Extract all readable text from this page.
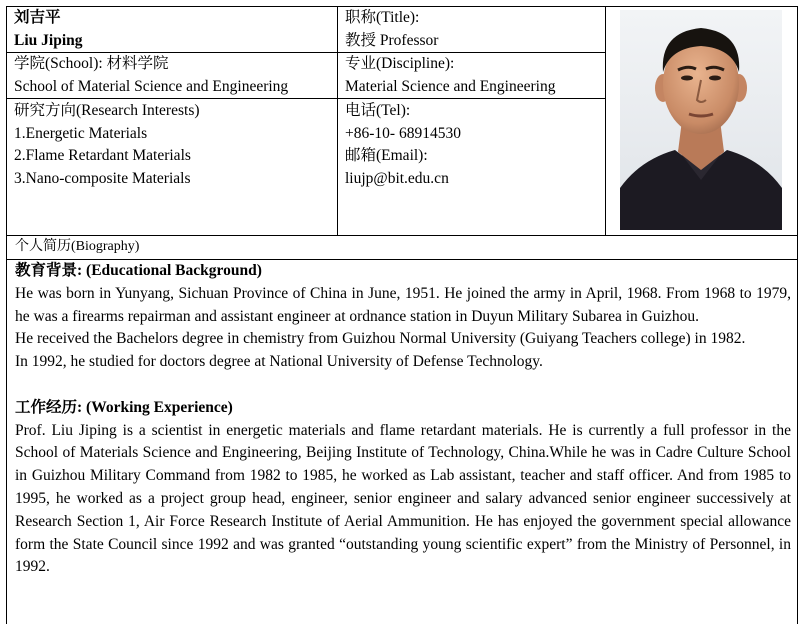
刘吉平
Liu Jiping
职称(Title):
教授 Professor
学院(School): 材料学院
School of Material Science and Engineering
专业(Discipline):
Material Science and Engineering
研究方向(Research Interests)
1.Energetic Materials
2.Flame Retardant Materials
3.Nano-composite Materials
电话(Tel):
+86-10- 68914530
邮箱(Email):
liujp@bit.edu.cn
个人简历(Biography)

教育背景: (Educational Background)

He was born in Yunyang, Sichuan Province of China in June, 1951. He joined the army in April, 1968. From 1968 to 1979, he was a firearms repairman and assistant engineer at ordnance station in Duyun Military Subarea in Guizhou.

He received the Bachelors degree in chemistry from Guizhou Normal University (Guiyang Teachers college) in 1982.

In 1992, he studied for doctors degree at National University of Defense Technology.

工作经历: (Working Experience)

Prof. Liu Jiping is a scientist in energetic materials and flame retardant materials. He is currently a full professor in the School of Materials Science and Engineering, Beijing Institute of Technology, China.While he was in Cadre Culture School in Guizhou Military Command from 1982 to 1985, he worked as Lab assistant, teacher and staff officer. And from 1985 to 1995, he worked as a project group head, engineer, senior engineer and salary advanced senior engineer successively at Research Section 1, Air Force Research Institute of Aerial Ammunition. He has enjoyed the government special allowance form the State Council since 1992 and was granted “outstanding young scientific expert” from the Ministry of Personnel, in 1992.
